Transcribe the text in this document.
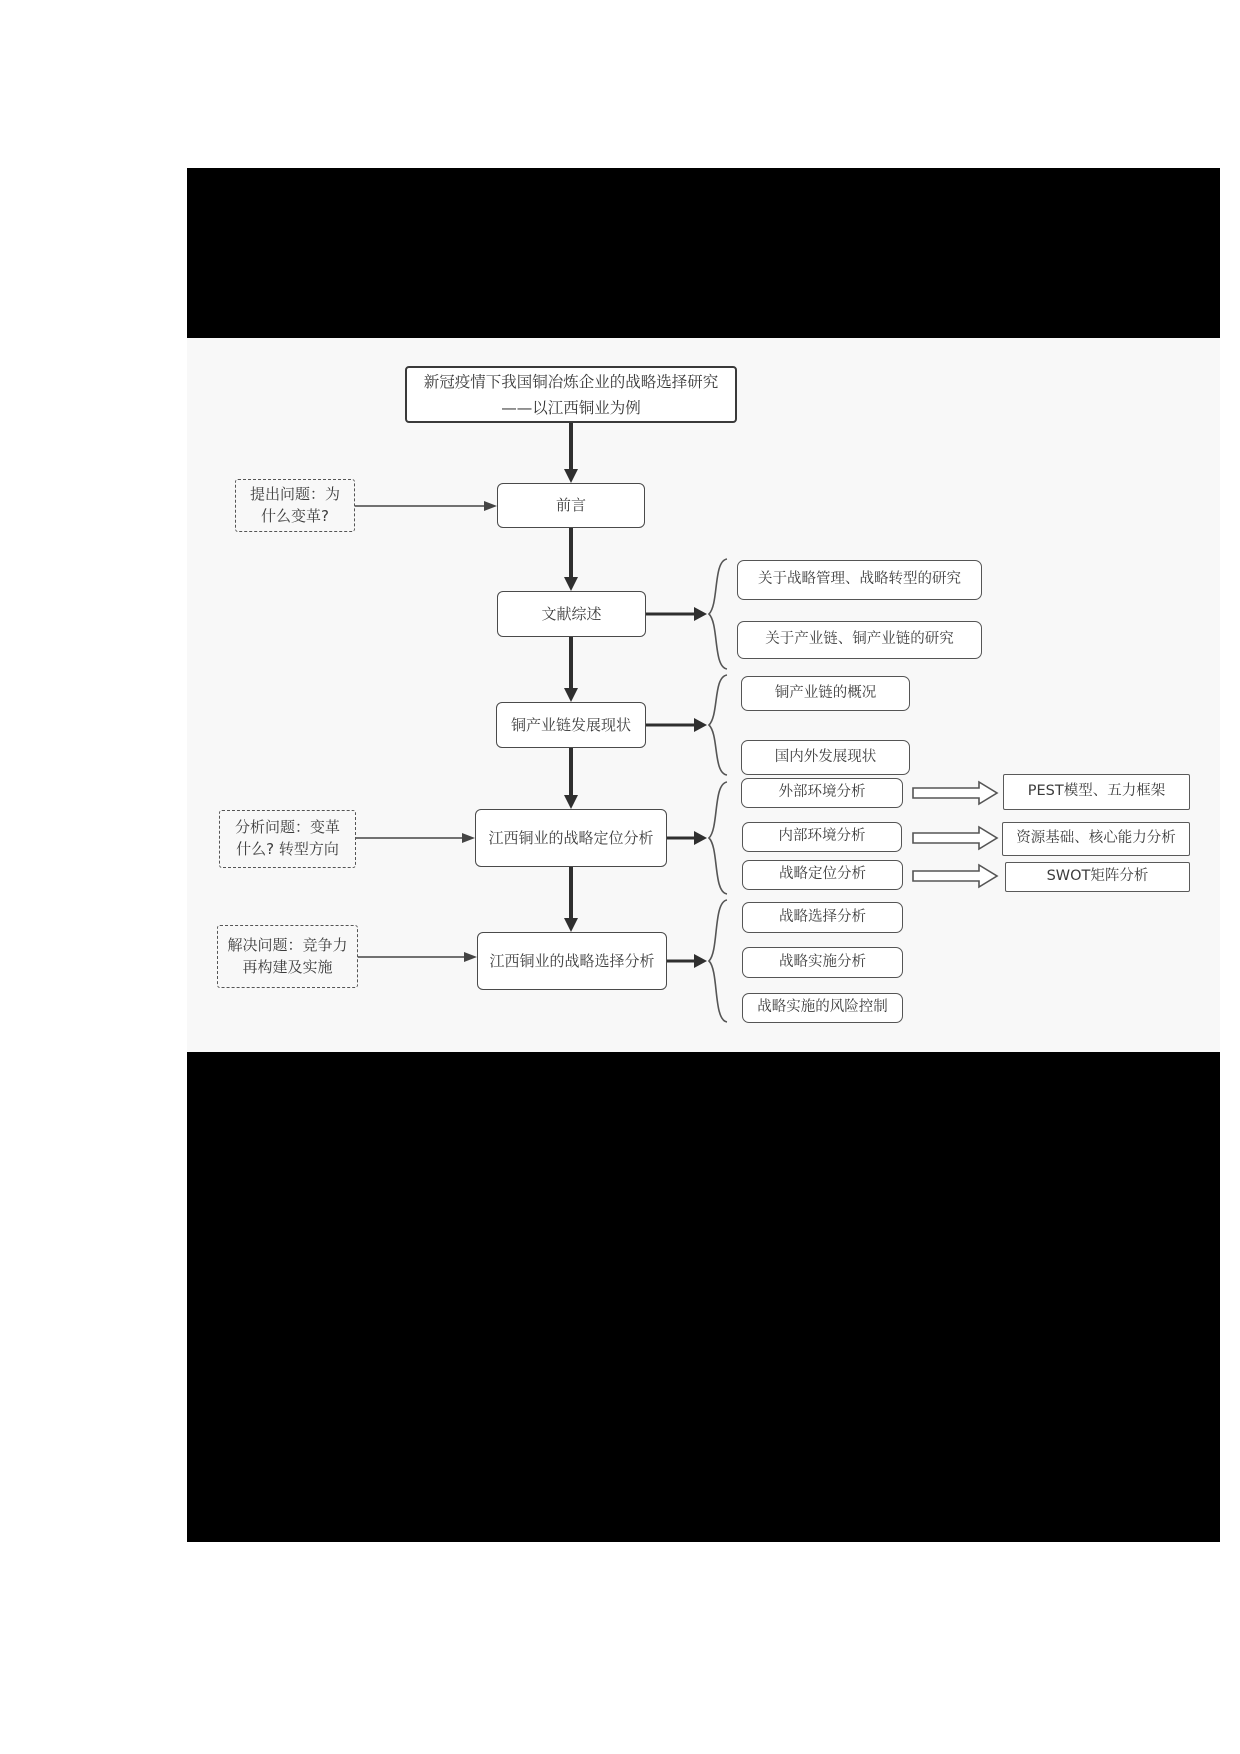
新冠疫情下我国铜冶炼企业的战略选择研究
——以江西铜业为例
前言
文献综述
铜产业链发展现状
江西铜业的战略定位分析
江西铜业的战略选择分析
提出问题：为
什么变革?
分析问题：变革
什么? 转型方向
解决问题：竞争力
再构建及实施
关于战略管理、战略转型的研究
关于产业链、铜产业链的研究
铜产业链的概况
国内外发展现状
外部环境分析
内部环境分析
战略定位分析
PEST模型、五力框架
资源基础、核心能力分析
SWOT矩阵分析
战略选择分析
战略实施分析
战略实施的风险控制
